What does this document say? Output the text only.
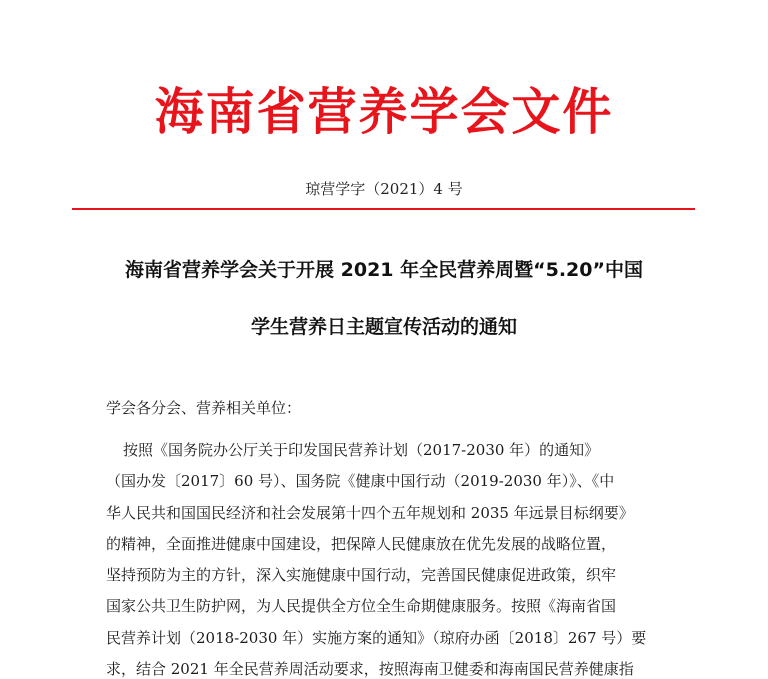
海南省营养学会文件
琼营学字（2021）4 号
海南省营养学会关于开展 2021 年全民营养周暨“5.20”中国
学生营养日主题宣传活动的通知
学会各分会、营养相关单位：
按照《国务院办公厅关于印发国民营养计划（2017-2030 年）的通知》
（国办发〔2017〕60 号）、国务院《健康中国行动（2019-2030 年）》、《中
华人民共和国国民经济和社会发展第十四个五年规划和 2035 年远景目标纲要》
的精神，全面推进健康中国建设，把保障人民健康放在优先发展的战略位置，
坚持预防为主的方针，深入实施健康中国行动，完善国民健康促进政策，织牢
国家公共卫生防护网，为人民提供全方位全生命期健康服务。按照《海南省国
民营养计划（2018-2030 年）实施方案的通知》（琼府办函〔2018〕267 号）要
求，结合 2021 年全民营养周活动要求，按照海南卫健委和海南国民营养健康指
